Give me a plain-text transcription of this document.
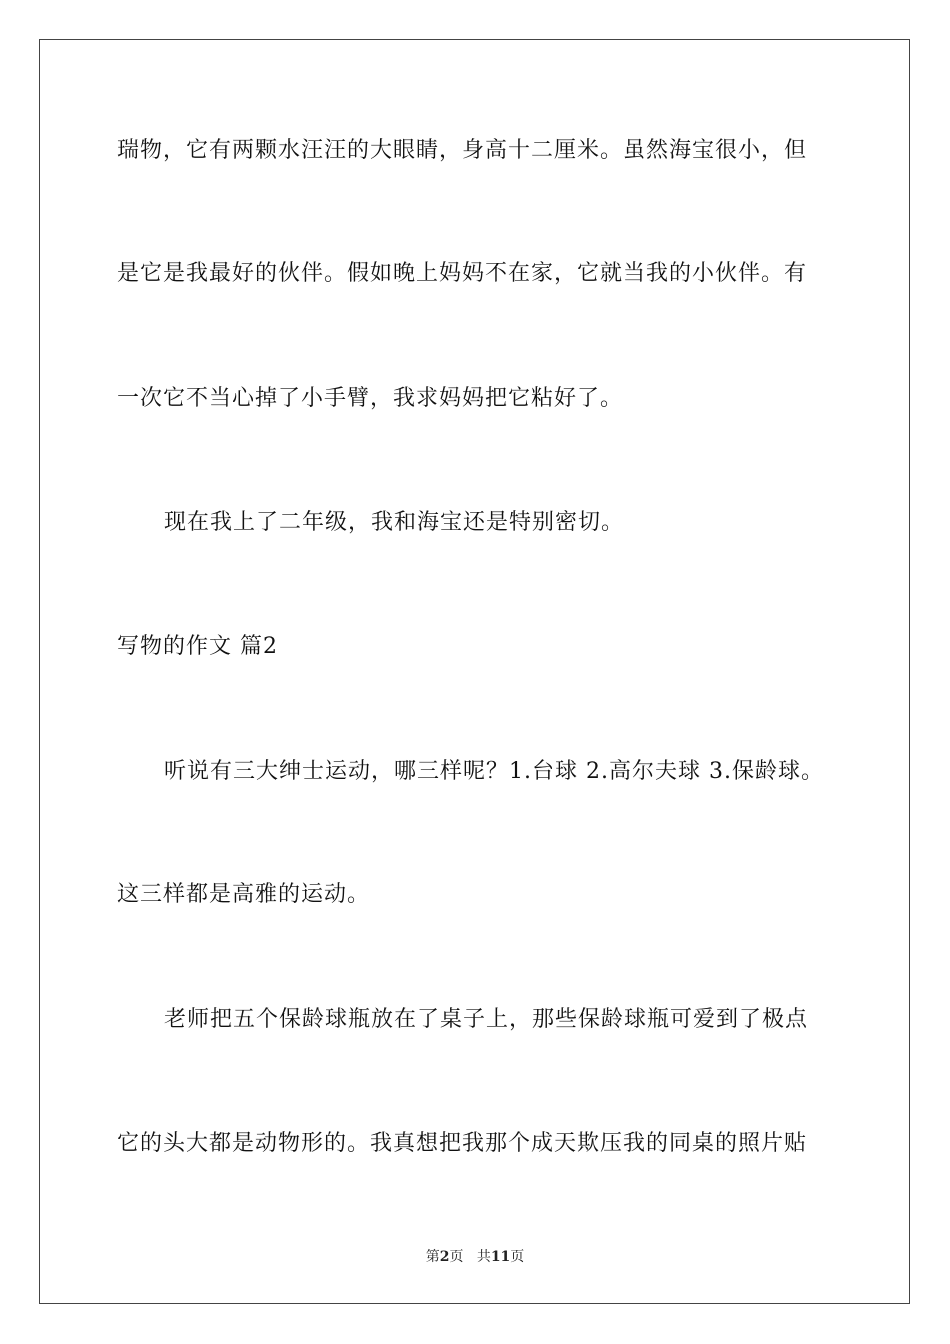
瑞物，它有两颗水汪汪的大眼睛，身高十二厘米。虽然海宝很小，但
是它是我最好的伙伴。假如晚上妈妈不在家，它就当我的小伙伴。有
一次它不当心掉了小手臂，我求妈妈把它粘好了。
现在我上了二年级，我和海宝还是特别密切。
写物的作文 篇2
听说有三大绅士运动，哪三样呢？1.台球 2.高尔夫球 3.保龄球。
这三样都是高雅的运动。
老师把五个保龄球瓶放在了桌子上，那些保龄球瓶可爱到了极点
它的头大都是动物形的。我真想把我那个成天欺压我的同桌的照片贴
第2页 共11页
